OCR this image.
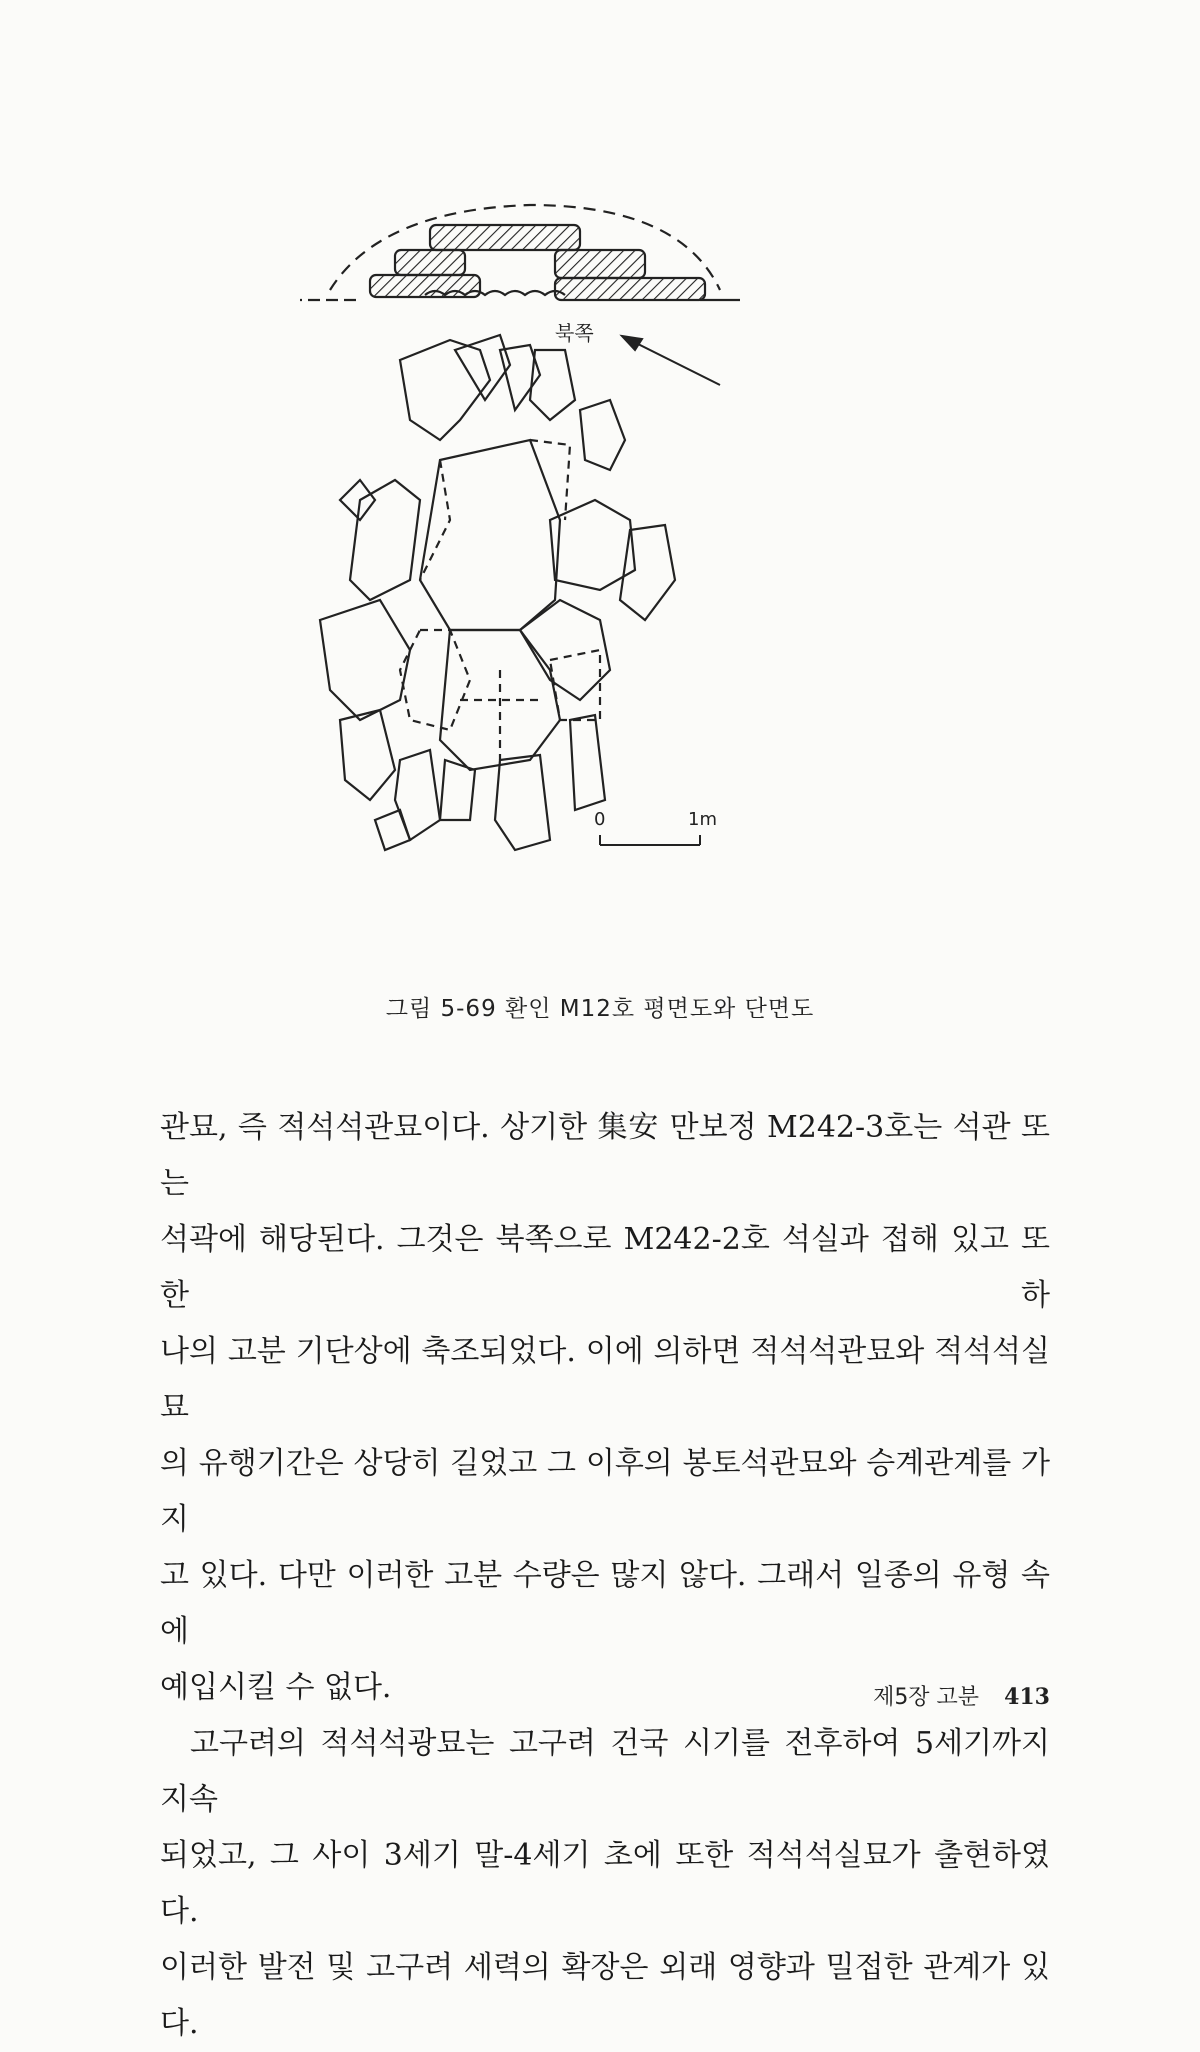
북쪽
0	1m
그림 5-69 환인 M12호 평면도와 단면도

관묘, 즉 적석석관묘이다. 상기한 集安 만보정 M242-3호는 석관 또는

석곽에 해당된다. 그것은 북쪽으로 M242-2호 석실과 접해 있고 또한 하

나의 고분 기단상에 축조되었다. 이에 의하면 적석석관묘와 적석석실묘

의 유행기간은 상당히 길었고 그 이후의 봉토석관묘와 승계관계를 가지

고 있다. 다만 이러한 고분 수량은 많지 않다. 그래서 일종의 유형 속에

예입시킬 수 없다.

고구려의 적석석광묘는 고구려 건국 시기를 전후하여 5세기까지 지속

되었고, 그 사이 3세기 말-4세기 초에 또한 적석석실묘가 출현하였다.

이러한 발전 및 고구려 세력의 확장은 외래 영향과 밀접한 관계가 있다.

제5장 고분 413
